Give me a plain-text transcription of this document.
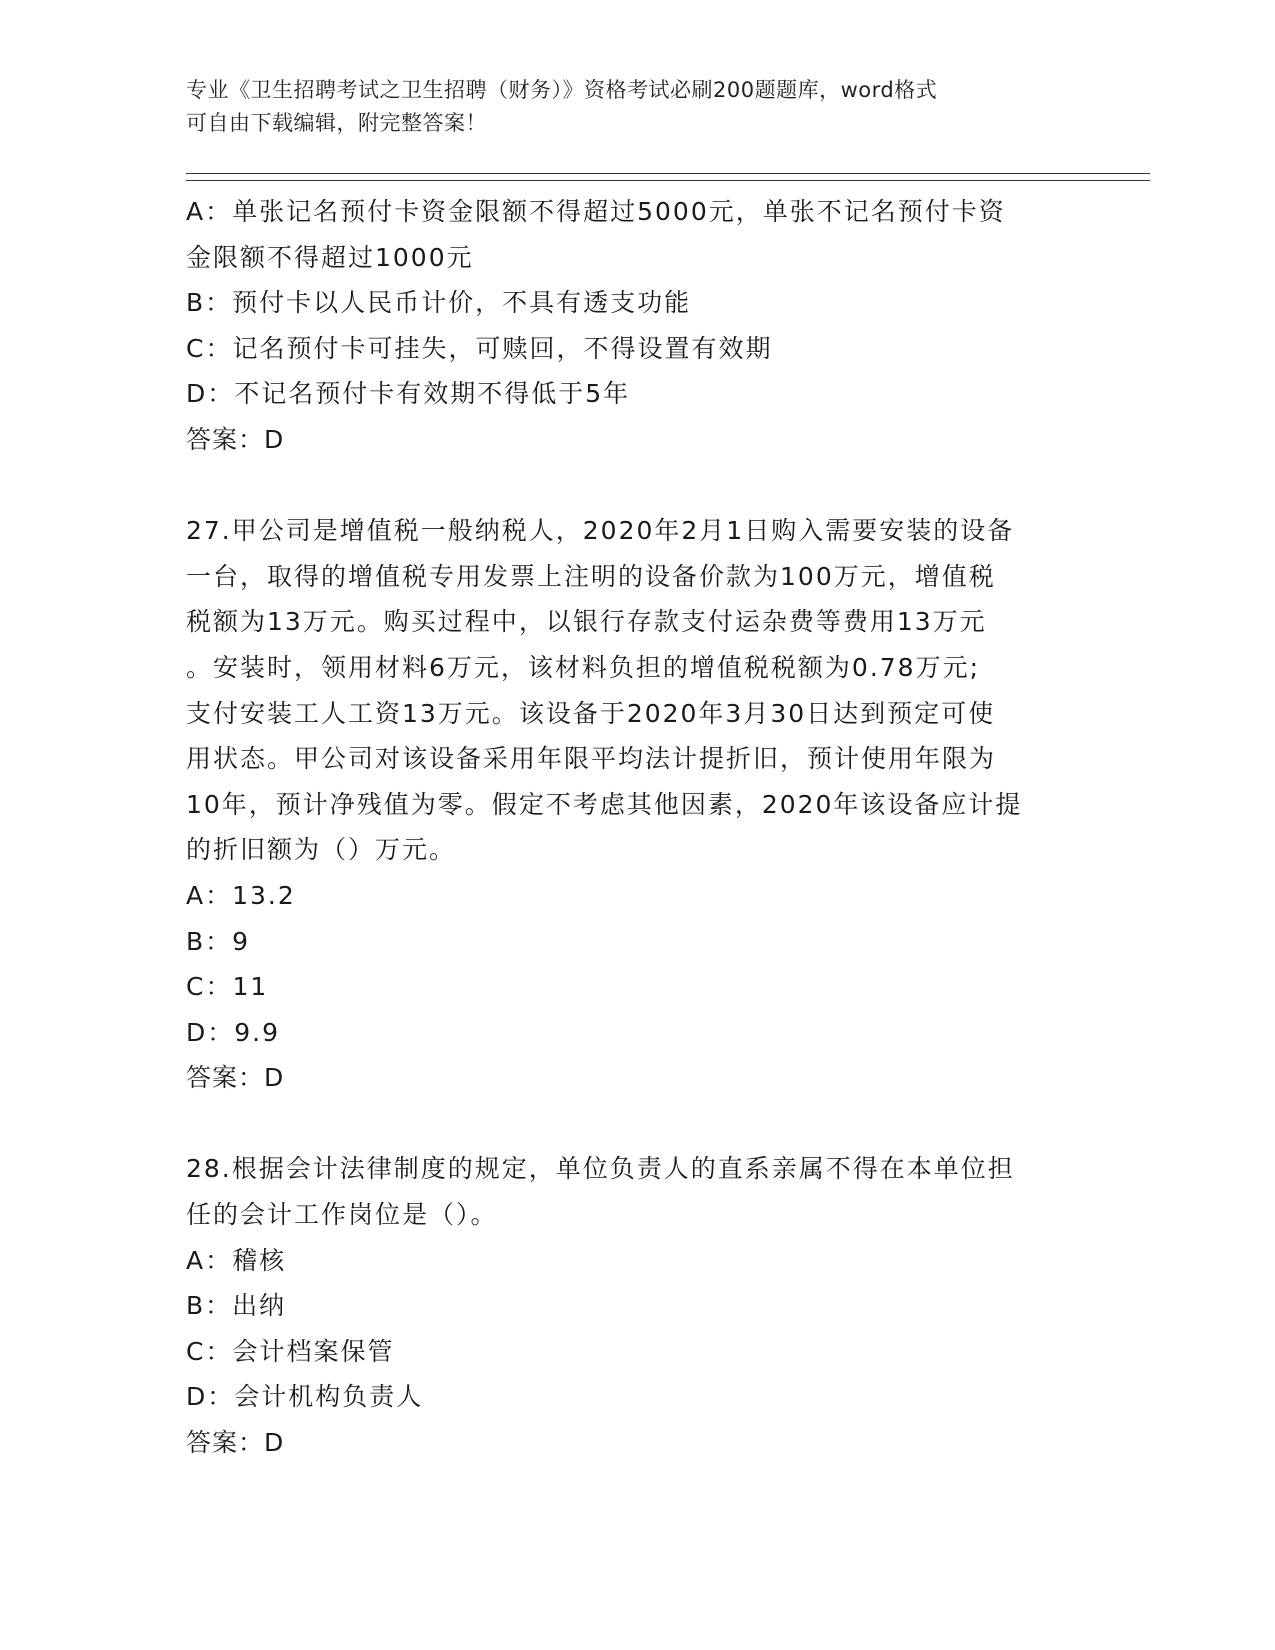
专业《卫生招聘考试之卫生招聘（财务）》资格考试必刷200题题库，word格式
可自由下载编辑，附完整答案！
A：单张记名预付卡资金限额不得超过5000元，单张不记名预付卡资
金限额不得超过1000元
B：预付卡以人民币计价，不具有透支功能
C：记名预付卡可挂失，可赎回，不得设置有效期
D：不记名预付卡有效期不得低于5年
答案：D
27.甲公司是增值税一般纳税人，2020年2月1日购入需要安装的设备
一台，取得的增值税专用发票上注明的设备价款为100万元，增值税
税额为13万元。购买过程中，以银行存款支付运杂费等费用13万元
。安装时，领用材料6万元，该材料负担的增值税税额为0.78万元;
支付安装工人工资13万元。该设备于2020年3月30日达到预定可使
用状态。甲公司对该设备采用年限平均法计提折旧，预计使用年限为
10年，预计净残值为零。假定不考虑其他因素，2020年该设备应计提
的折旧额为（）万元。
A：13.2
B：9
C：11
D：9.9
答案：D
28.根据会计法律制度的规定，单位负责人的直系亲属不得在本单位担
任的会计工作岗位是（）。
A：稽核
B：出纳
C：会计档案保管
D：会计机构负责人
答案：D
